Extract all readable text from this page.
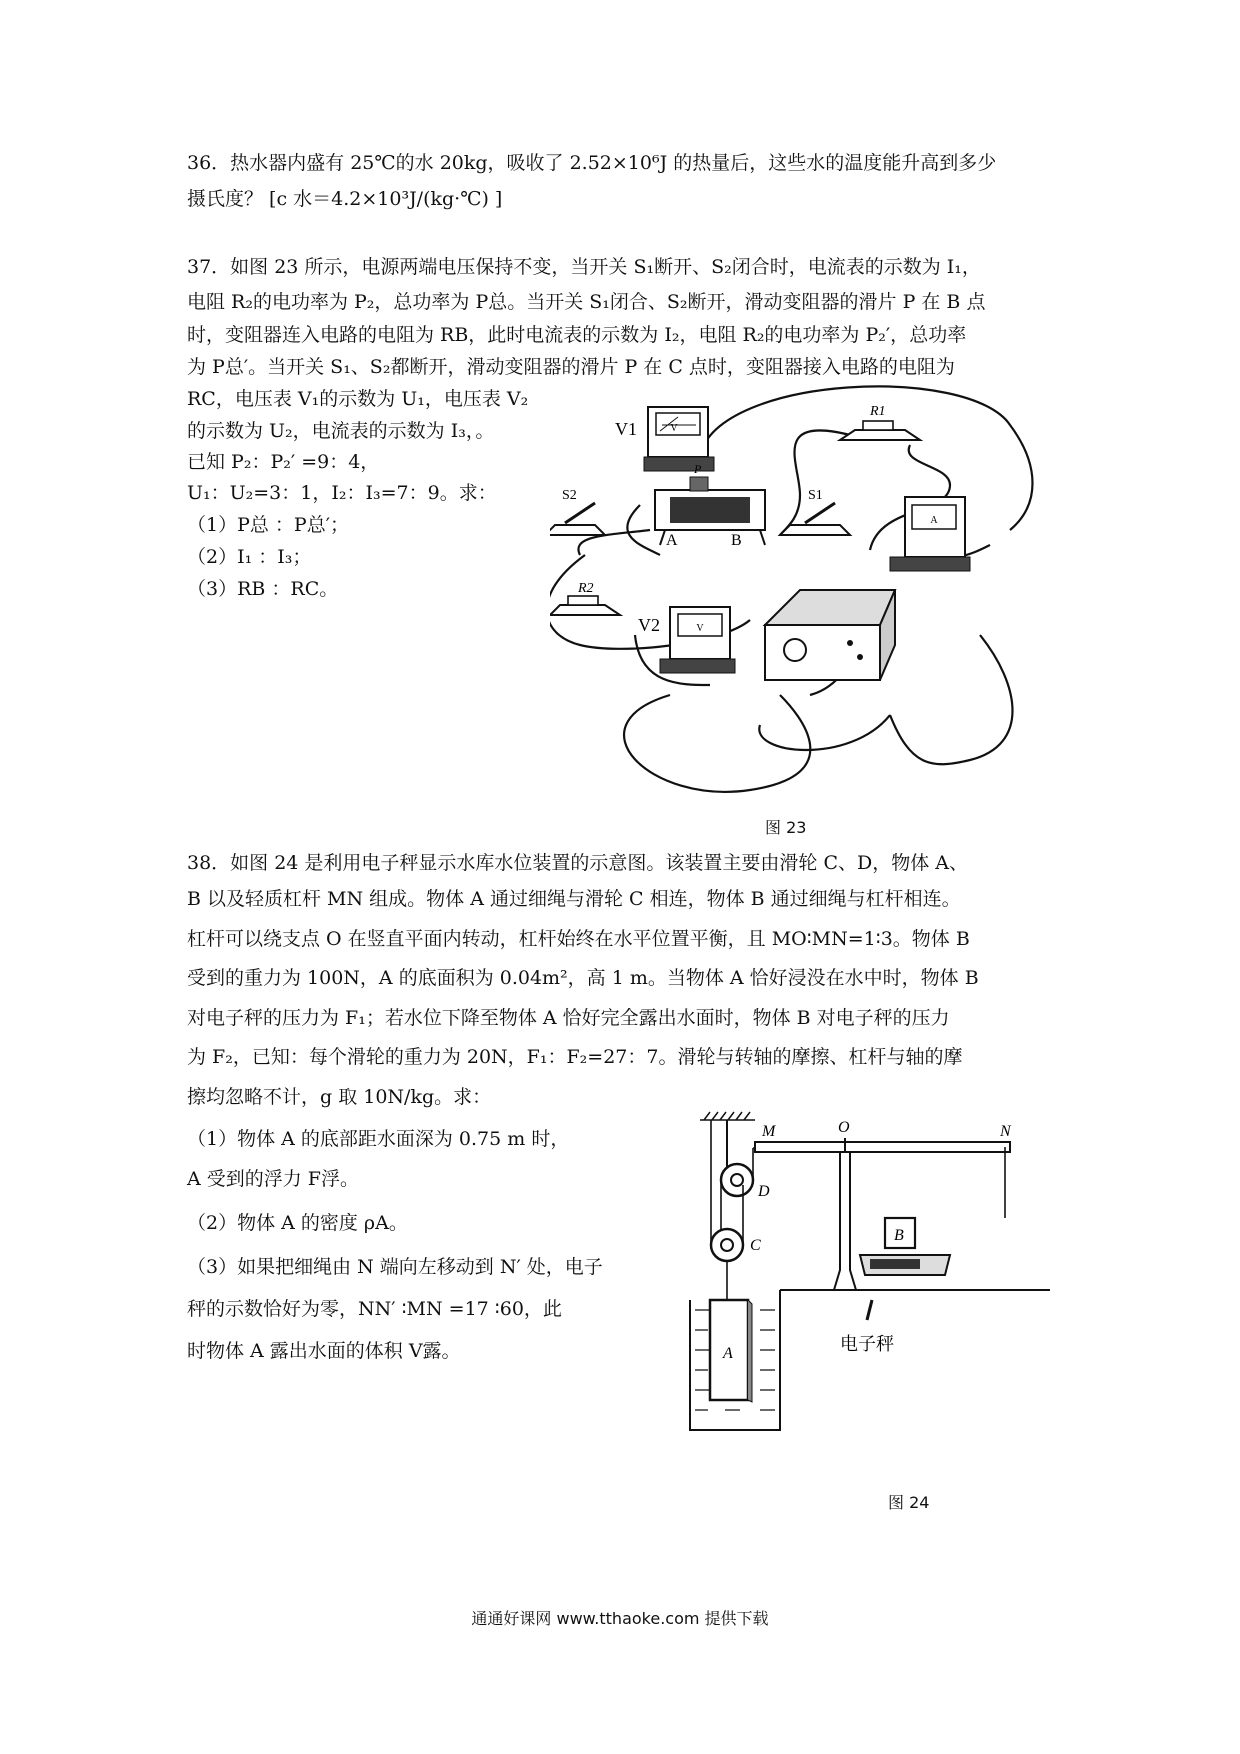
36．热水器内盛有 25℃的水 20kg，吸收了 2.52×10⁶J 的热量后，这些水的温度能升高到多少
摄氏度？ [c 水＝4.2×10³J/(kg·℃) ]
37．如图 23 所示，电源两端电压保持不变，当开关 S₁断开、S₂闭合时，电流表的示数为 I₁，
电阻 R₂的电功率为 P₂，总功率为 P总。当开关 S₁闭合、S₂断开，滑动变阻器的滑片 P 在 B 点
时，变阻器连入电路的电阻为 RB，此时电流表的示数为 I₂，电阻 R₂的电功率为 P₂′，总功率
为 P总′。当开关 S₁、S₂都断开，滑动变阻器的滑片 P 在 C 点时，变阻器接入电路的电阻为
RC，电压表 V₁的示数为 U₁，电压表 V₂
的示数为 U₂，电流表的示数为 I₃，。
已知 P₂：P₂′ =9：4，
U₁：U₂=3：1，I₂：I₃=7：9。求：
（1）P总 ：P总′；
（2）I₁ ：I₃；
（3）RB ：RC。
V
V1
R1
S2
P
A	B
S1
A
R2
V
V2
图 23
38．如图 24 是利用电子秤显示水库水位装置的示意图。该装置主要由滑轮 C、D，物体 A、
B 以及轻质杠杆 MN 组成。物体 A 通过细绳与滑轮 C 相连，物体 B 通过细绳与杠杆相连。
杠杆可以绕支点 O 在竖直平面内转动，杠杆始终在水平位置平衡，且 MO∶MN=1∶3。物体 B
受到的重力为 100N，A 的底面积为 0.04m²，高 1 m。当物体 A 恰好浸没在水中时，物体 B
对电子秤的压力为 F₁；若水位下降至物体 A 恰好完全露出水面时，物体 B 对电子秤的压力
为 F₂，已知：每个滑轮的重力为 20N，F₁：F₂=27：7。滑轮与转轴的摩擦、杠杆与轴的摩
擦均忽略不计，g 取 10N/kg。求：
（1）物体 A 的底部距水面深为 0.75 m 时，
A 受到的浮力 F浮。
（2）物体 A 的密度 ρA。
（3）如果把细绳由 N 端向左移动到 N′ 处，电子
秤的示数恰好为零，NN′ ∶MN =17 ∶60，此
时物体 A 露出水面的体积 V露。
M	O	N
D
C
A
B
电子秤
图 24
通通好课网 www.tthaoke.com 提供下载
